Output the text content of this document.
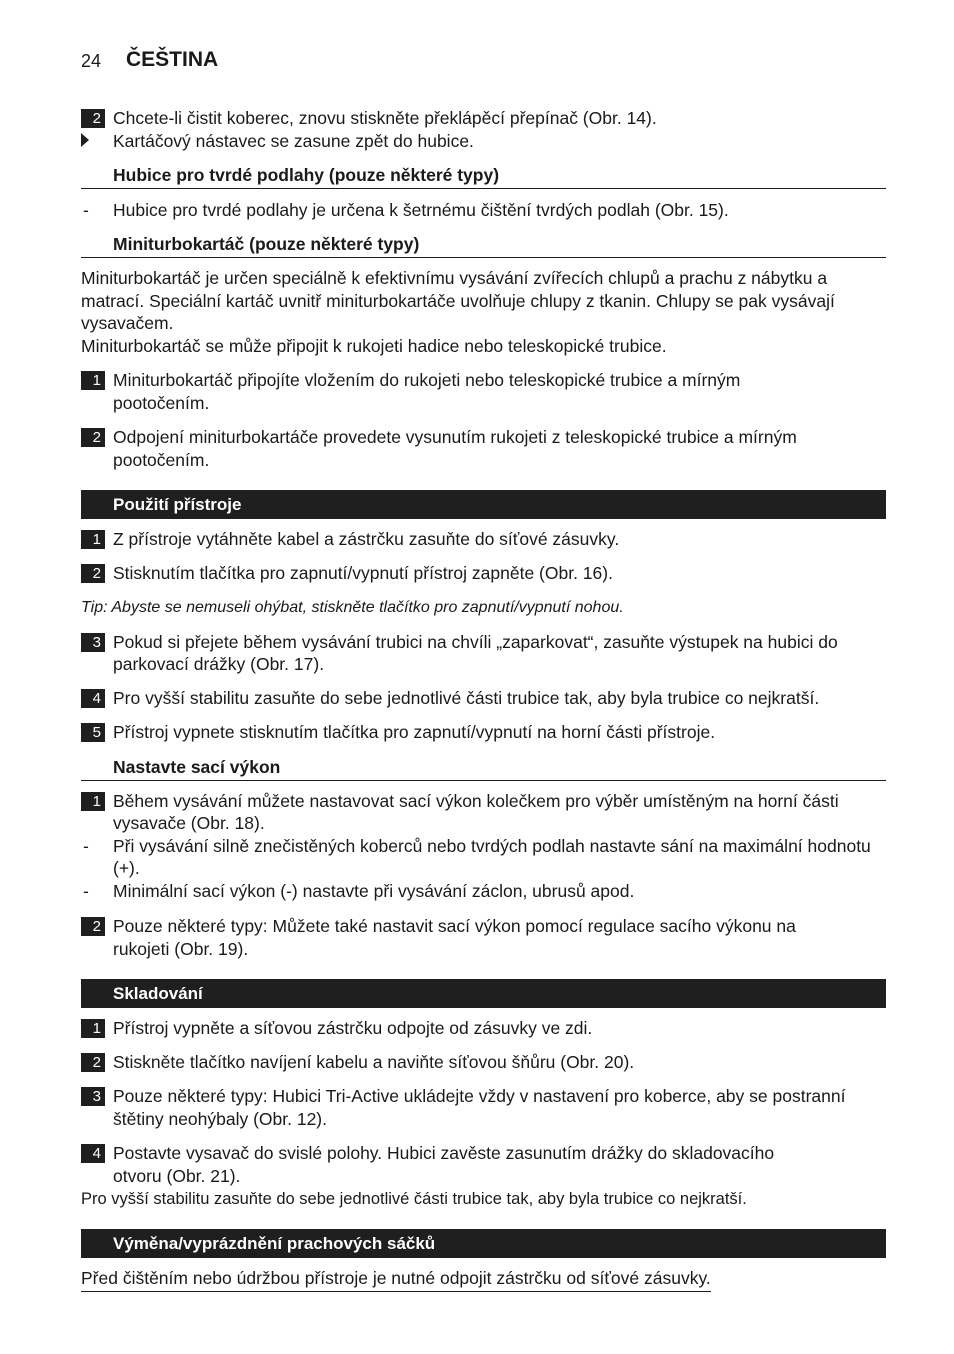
24 ČEŠTINA
2 Chcete-li čistit koberec, znovu stiskněte překlápěcí přepínač (Obr. 14).
Kartáčový nástavec se zasune zpět do hubice.
Hubice pro tvrdé podlahy (pouze některé typy)
- Hubice pro tvrdé podlahy je určena k šetrnému čištění tvrdých podlah (Obr. 15).
Miniturbokartáč (pouze některé typy)
Miniturbokartáč je určen speciálně k efektivnímu vysávání zvířecích chlupů a prachu z nábytku a
matrací. Speciální kartáč uvnitř miniturbokartáče uvolňuje chlupy z tkanin. Chlupy se pak vysávají
vysavačem.
Miniturbokartáč se může připojit k rukojeti hadice nebo teleskopické trubice.
1 Miniturbokartáč připojíte vložením do rukojeti nebo teleskopické trubice a mírným
pootočením.
2 Odpojení miniturbokartáče provedete vysunutím rukojeti z teleskopické trubice a mírným
pootočením.
Použití přístroje
1 Z přístroje vytáhněte kabel a zástrčku zasuňte do síťové zásuvky.
2 Stisknutím tlačítka pro zapnutí/vypnutí přístroj zapněte (Obr. 16).
Tip: Abyste se nemuseli ohýbat, stiskněte tlačítko pro zapnutí/vypnutí nohou.
3 Pokud si přejete během vysávání trubici na chvíli „zaparkovat“, zasuňte výstupek na hubici do
parkovací drážky (Obr. 17).
4 Pro vyšší stabilitu zasuňte do sebe jednotlivé části trubice tak, aby byla trubice co nejkratší.
5 Přístroj vypnete stisknutím tlačítka pro zapnutí/vypnutí na horní části přístroje.
Nastavte sací výkon
1 Během vysávání můžete nastavovat sací výkon kolečkem pro výběr umístěným na horní části
vysavače (Obr. 18).
- Při vysávání silně znečistěných koberců nebo tvrdých podlah nastavte sání na maximální hodnotu
(+).
- Minimální sací výkon (-) nastavte při vysávání záclon, ubrusů apod.
2 Pouze některé typy: Můžete také nastavit sací výkon pomocí regulace sacího výkonu na
rukojeti (Obr. 19).
Skladování
1 Přístroj vypněte a síťovou zástrčku odpojte od zásuvky ve zdi.
2 Stiskněte tlačítko navíjení kabelu a naviňte síťovou šňůru (Obr. 20).
3 Pouze některé typy: Hubici Tri-Active ukládejte vždy v nastavení pro koberce, aby se postranní
štětiny neohýbaly (Obr. 12).
4 Postavte vysavač do svislé polohy. Hubici zavěste zasunutím drážky do skladovacího
otvoru (Obr. 21).
Pro vyšší stabilitu zasuňte do sebe jednotlivé části trubice tak, aby byla trubice co nejkratší.
Výměna/vyprázdnění prachových sáčků
Před čištěním nebo údržbou přístroje je nutné odpojit zástrčku od síťové zásuvky.
